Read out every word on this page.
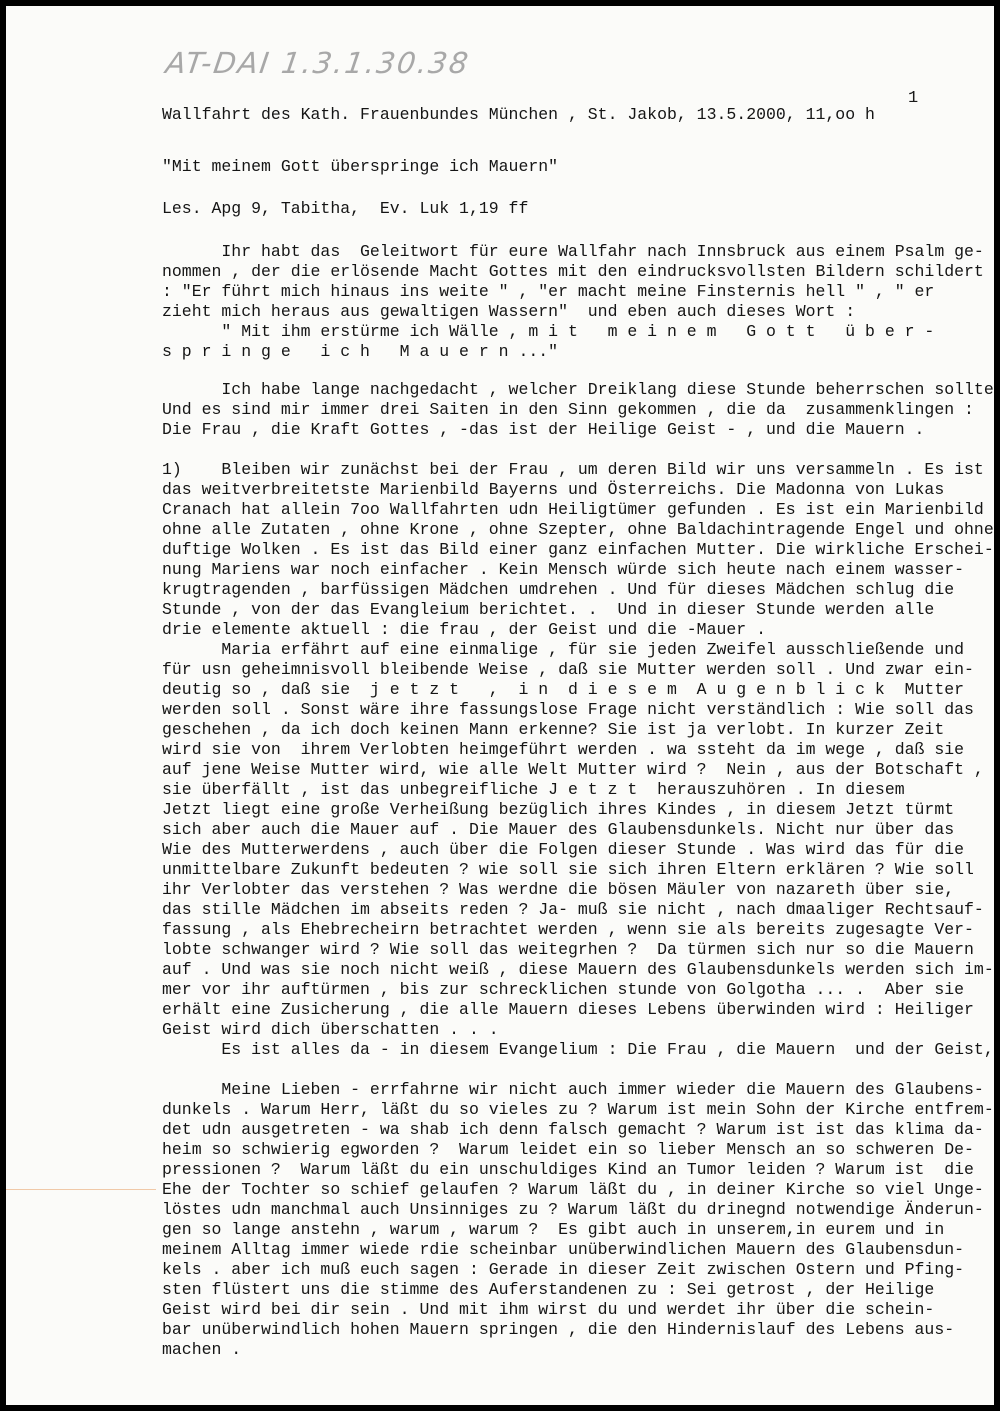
AT-DAI 1.3.1.30.38
1
Wallfahrt des Kath. Frauenbundes München , St. Jakob, 13.5.2000, 11,oo h
"Mit meinem Gott überspringe ich Mauern"
Les. Apg 9, Tabitha,  Ev. Luk 1,19 ff
Ihr habt das  Geleitwort für eure Wallfahr nach Innsbruck aus einem Psalm ge-
nommen , der die erlösende Macht Gottes mit den eindrucksvollsten Bildern schildert
: "Er führt mich hinaus ins weite " , "er macht meine Finsternis hell " , " er
zieht mich heraus aus gewaltigen Wassern"  und eben auch dieses Wort :
" Mit ihm erstürme ich Wälle , m i t   m e i n e m   G o t t   ü b e r -
s p r i n g e   i c h   M a u e r n ..."
Ich habe lange nachgedacht , welcher Dreiklang diese Stunde beherrschen sollte
Und es sind mir immer drei Saiten in den Sinn gekommen , die da  zusammenklingen :
Die Frau , die Kraft Gottes , -das ist der Heilige Geist - , und die Mauern .
1)    Bleiben wir zunächst bei der Frau , um deren Bild wir uns versammeln . Es ist
das weitverbreitetste Marienbild Bayerns und Österreichs. Die Madonna von Lukas
Cranach hat allein 7oo Wallfahrten udn Heiligtümer gefunden . Es ist ein Marienbild
ohne alle Zutaten , ohne Krone , ohne Szepter, ohne Baldachintragende Engel und ohne
duftige Wolken . Es ist das Bild einer ganz einfachen Mutter. Die wirkliche Erschei-
nung Mariens war noch einfacher . Kein Mensch würde sich heute nach einem wasser-
krugtragenden , barfüssigen Mädchen umdrehen . Und für dieses Mädchen schlug die
Stunde , von der das Evangleium berichtet. .  Und in dieser Stunde werden alle
drie elemente aktuell : die frau , der Geist und die -Mauer .
Maria erfährt auf eine einmalige , für sie jeden Zweifel ausschließende und
für usn geheimnisvoll bleibende Weise , daß sie Mutter werden soll . Und zwar ein-
deutig so , daß sie  j e t z t   ,  i n  d i e s e m  A u g e n b l i c k  Mutter
werden soll . Sonst wäre ihre fassungslose Frage nicht verständlich : Wie soll das
geschehen , da ich doch keinen Mann erkenne? Sie ist ja verlobt. In kurzer Zeit
wird sie von  ihrem Verlobten heimgeführt werden . wa ssteht da im wege , daß sie
auf jene Weise Mutter wird, wie alle Welt Mutter wird ?  Nein , aus der Botschaft ,
sie überfällt , ist das unbegreifliche J e t z t  herauszuhören . In diesem
Jetzt liegt eine große Verheißung bezüglich ihres Kindes , in diesem Jetzt türmt
sich aber auch die Mauer auf . Die Mauer des Glaubensdunkels. Nicht nur über das
Wie des Mutterwerdens , auch über die Folgen dieser Stunde . Was wird das für die
unmittelbare Zukunft bedeuten ? wie soll sie sich ihren Eltern erklären ? Wie soll
ihr Verlobter das verstehen ? Was werdne die bösen Mäuler von nazareth über sie,
das stille Mädchen im abseits reden ? Ja- muß sie nicht , nach dmaaliger Rechtsauf-
fassung , als Ehebrecheirn betrachtet werden , wenn sie als bereits zugesagte Ver-
lobte schwanger wird ? Wie soll das weitegrhen ?  Da türmen sich nur so die Mauern
auf . Und was sie noch nicht weiß , diese Mauern des Glaubensdunkels werden sich im-
mer vor ihr auftürmen , bis zur schrecklichen stunde von Golgotha ... .  Aber sie
erhält eine Zusicherung , die alle Mauern dieses Lebens überwinden wird : Heiliger
Geist wird dich überschatten . . .
Es ist alles da - in diesem Evangelium : Die Frau , die Mauern  und der Geist,
Meine Lieben - errfahrne wir nicht auch immer wieder die Mauern des Glaubens-
dunkels . Warum Herr, läßt du so vieles zu ? Warum ist mein Sohn der Kirche entfrem-
det udn ausgetreten - wa shab ich denn falsch gemacht ? Warum ist ist das klima da-
heim so schwierig egworden ?  Warum leidet ein so lieber Mensch an so schweren De-
pressionen ?  Warum läßt du ein unschuldiges Kind an Tumor leiden ? Warum ist  die
Ehe der Tochter so schief gelaufen ? Warum läßt du , in deiner Kirche so viel Unge-
löstes udn manchmal auch Unsinniges zu ? Warum läßt du drinegnd notwendige Änderun-
gen so lange anstehn , warum , warum ?  Es gibt auch in unserem,in eurem und in
meinem Alltag immer wiede rdie scheinbar unüberwindlichen Mauern des Glaubensdun-
kels . aber ich muß euch sagen : Gerade in dieser Zeit zwischen Ostern und Pfing-
sten flüstert uns die stimme des Auferstandenen zu : Sei getrost , der Heilige
Geist wird bei dir sein . Und mit ihm wirst du und werdet ihr über die schein-
bar unüberwindlich hohen Mauern springen , die den Hindernislauf des Lebens aus-
machen .
